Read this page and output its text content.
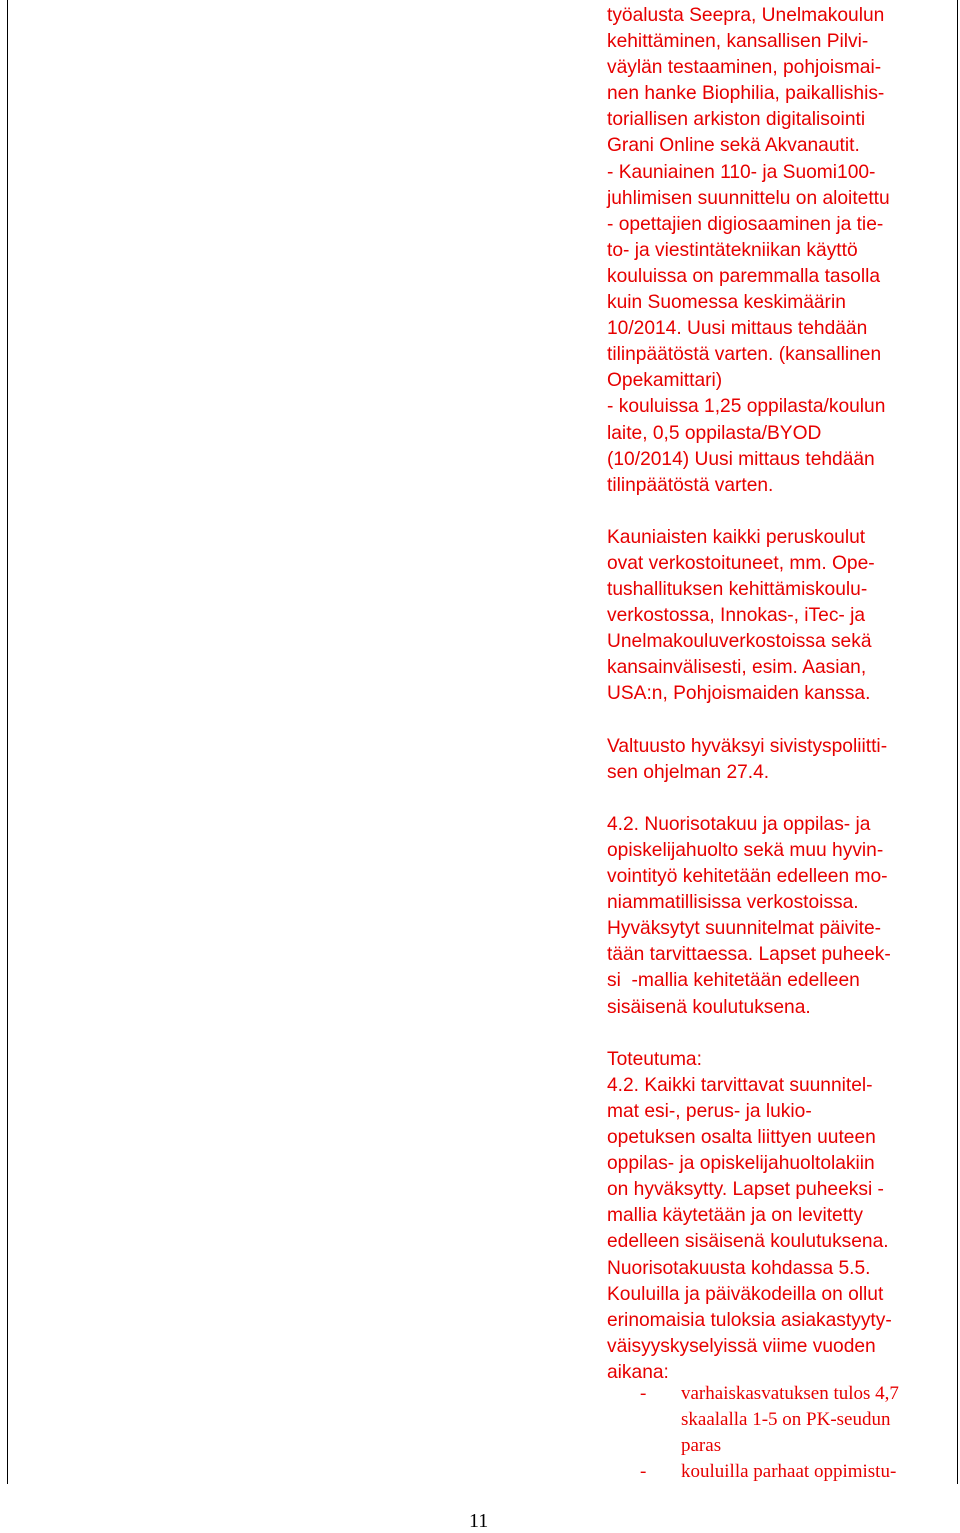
työalusta Seepra, Unelmakoulun
kehittäminen, kansallisen Pilvi-
väylän testaaminen, pohjoismai-
nen hanke Biophilia, paikallishis-
toriallisen arkiston digitalisointi
Grani Online sekä Akvanautit.
- Kauniainen 110- ja Suomi100-
juhlimisen suunnittelu on aloitettu
- opettajien digiosaaminen ja tie-
to- ja viestintätekniikan käyttö
kouluissa on paremmalla tasolla
kuin Suomessa keskimäärin
10/2014. Uusi mittaus tehdään
tilinpäätöstä varten. (kansallinen
Opekamittari)
- kouluissa 1,25 oppilasta/koulun
laite, 0,5 oppilasta/BYOD
(10/2014) Uusi mittaus tehdään
tilinpäätöstä varten.
Kauniaisten kaikki peruskoulut
ovat verkostoituneet, mm. Ope-
tushallituksen kehittämiskoulu-
verkostossa, Innokas-, iTec- ja
Unelmakouluverkostoissa sekä
kansainvälisesti, esim. Aasian,
USA:n, Pohjoismaiden kanssa.
Valtuusto hyväksyi sivistyspoliitti-
sen ohjelman 27.4.
4.2. Nuorisotakuu ja oppilas- ja
opiskelijahuolto sekä muu hyvin-
vointityö kehitetään edelleen mo-
niammatillisissa verkostoissa.
Hyväksytyt suunnitelmat päivite-
tään tarvittaessa. Lapset puheek-
si  -mallia kehitetään edelleen
sisäisenä koulutuksena.
Toteutuma:
4.2. Kaikki tarvittavat suunnitel-
mat esi-, perus- ja lukio-
opetuksen osalta liittyen uuteen
oppilas- ja opiskelijahuoltolakiin
on hyväksytty. Lapset puheeksi -
mallia käytetään ja on levitetty
edelleen sisäisenä koulutuksena.
Nuorisotakuusta kohdassa 5.5.
Kouluilla ja päiväkodeilla on ollut
erinomaisia tuloksia asiakastyyty-
väisyyskyselyissä viime vuoden
aikana:
- varhaiskasvatuksen tulos 4,7
skaalalla 1-5 on PK-seudun
paras
- kouluilla parhaat oppimistu-
11
